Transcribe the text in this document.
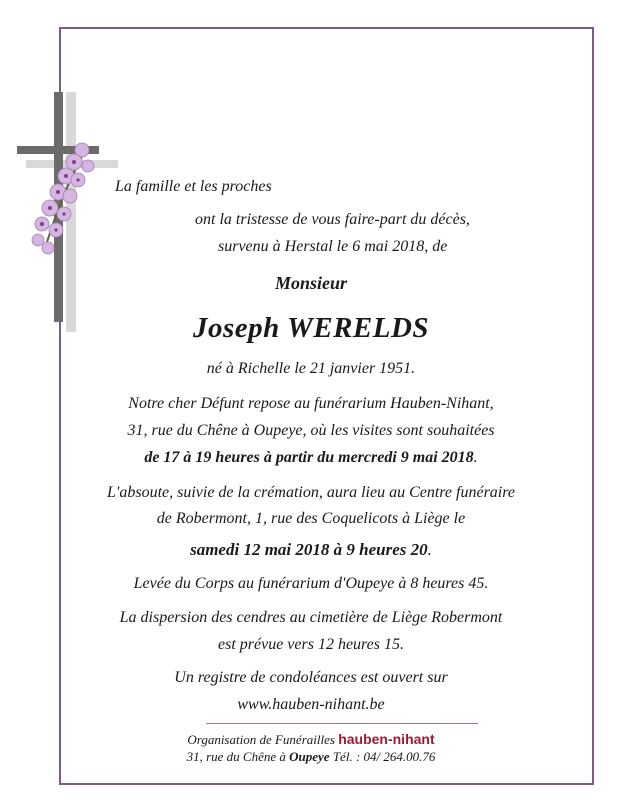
La famille et les proches
ont la tristesse de vous faire-part du décès,
survenu à Herstal le 6 mai 2018, de
Monsieur
Joseph WERELDS
né à Richelle le 21 janvier 1951.
Notre cher Défunt repose au funérarium Hauben-Nihant,
31, rue du Chêne à Oupeye, où les visites sont souhaitées
de 17 à 19 heures à partir du mercredi 9 mai 2018.
L'absoute, suivie de la crémation, aura lieu au Centre funéraire
de Robermont, 1, rue des Coquelicots à Liège le
samedi 12 mai 2018 à 9 heures 20.
Levée du Corps au funérarium d'Oupeye à 8 heures 45.
La dispersion des cendres au cimetière de Liège Robermont
est prévue vers 12 heures 15.
Un registre de condoléances est ouvert sur
www.hauben-nihant.be
Organisation de Funérailles hauben-nihant
31, rue du Chêne à Oupeye Tél. : 04/ 264.00.76
